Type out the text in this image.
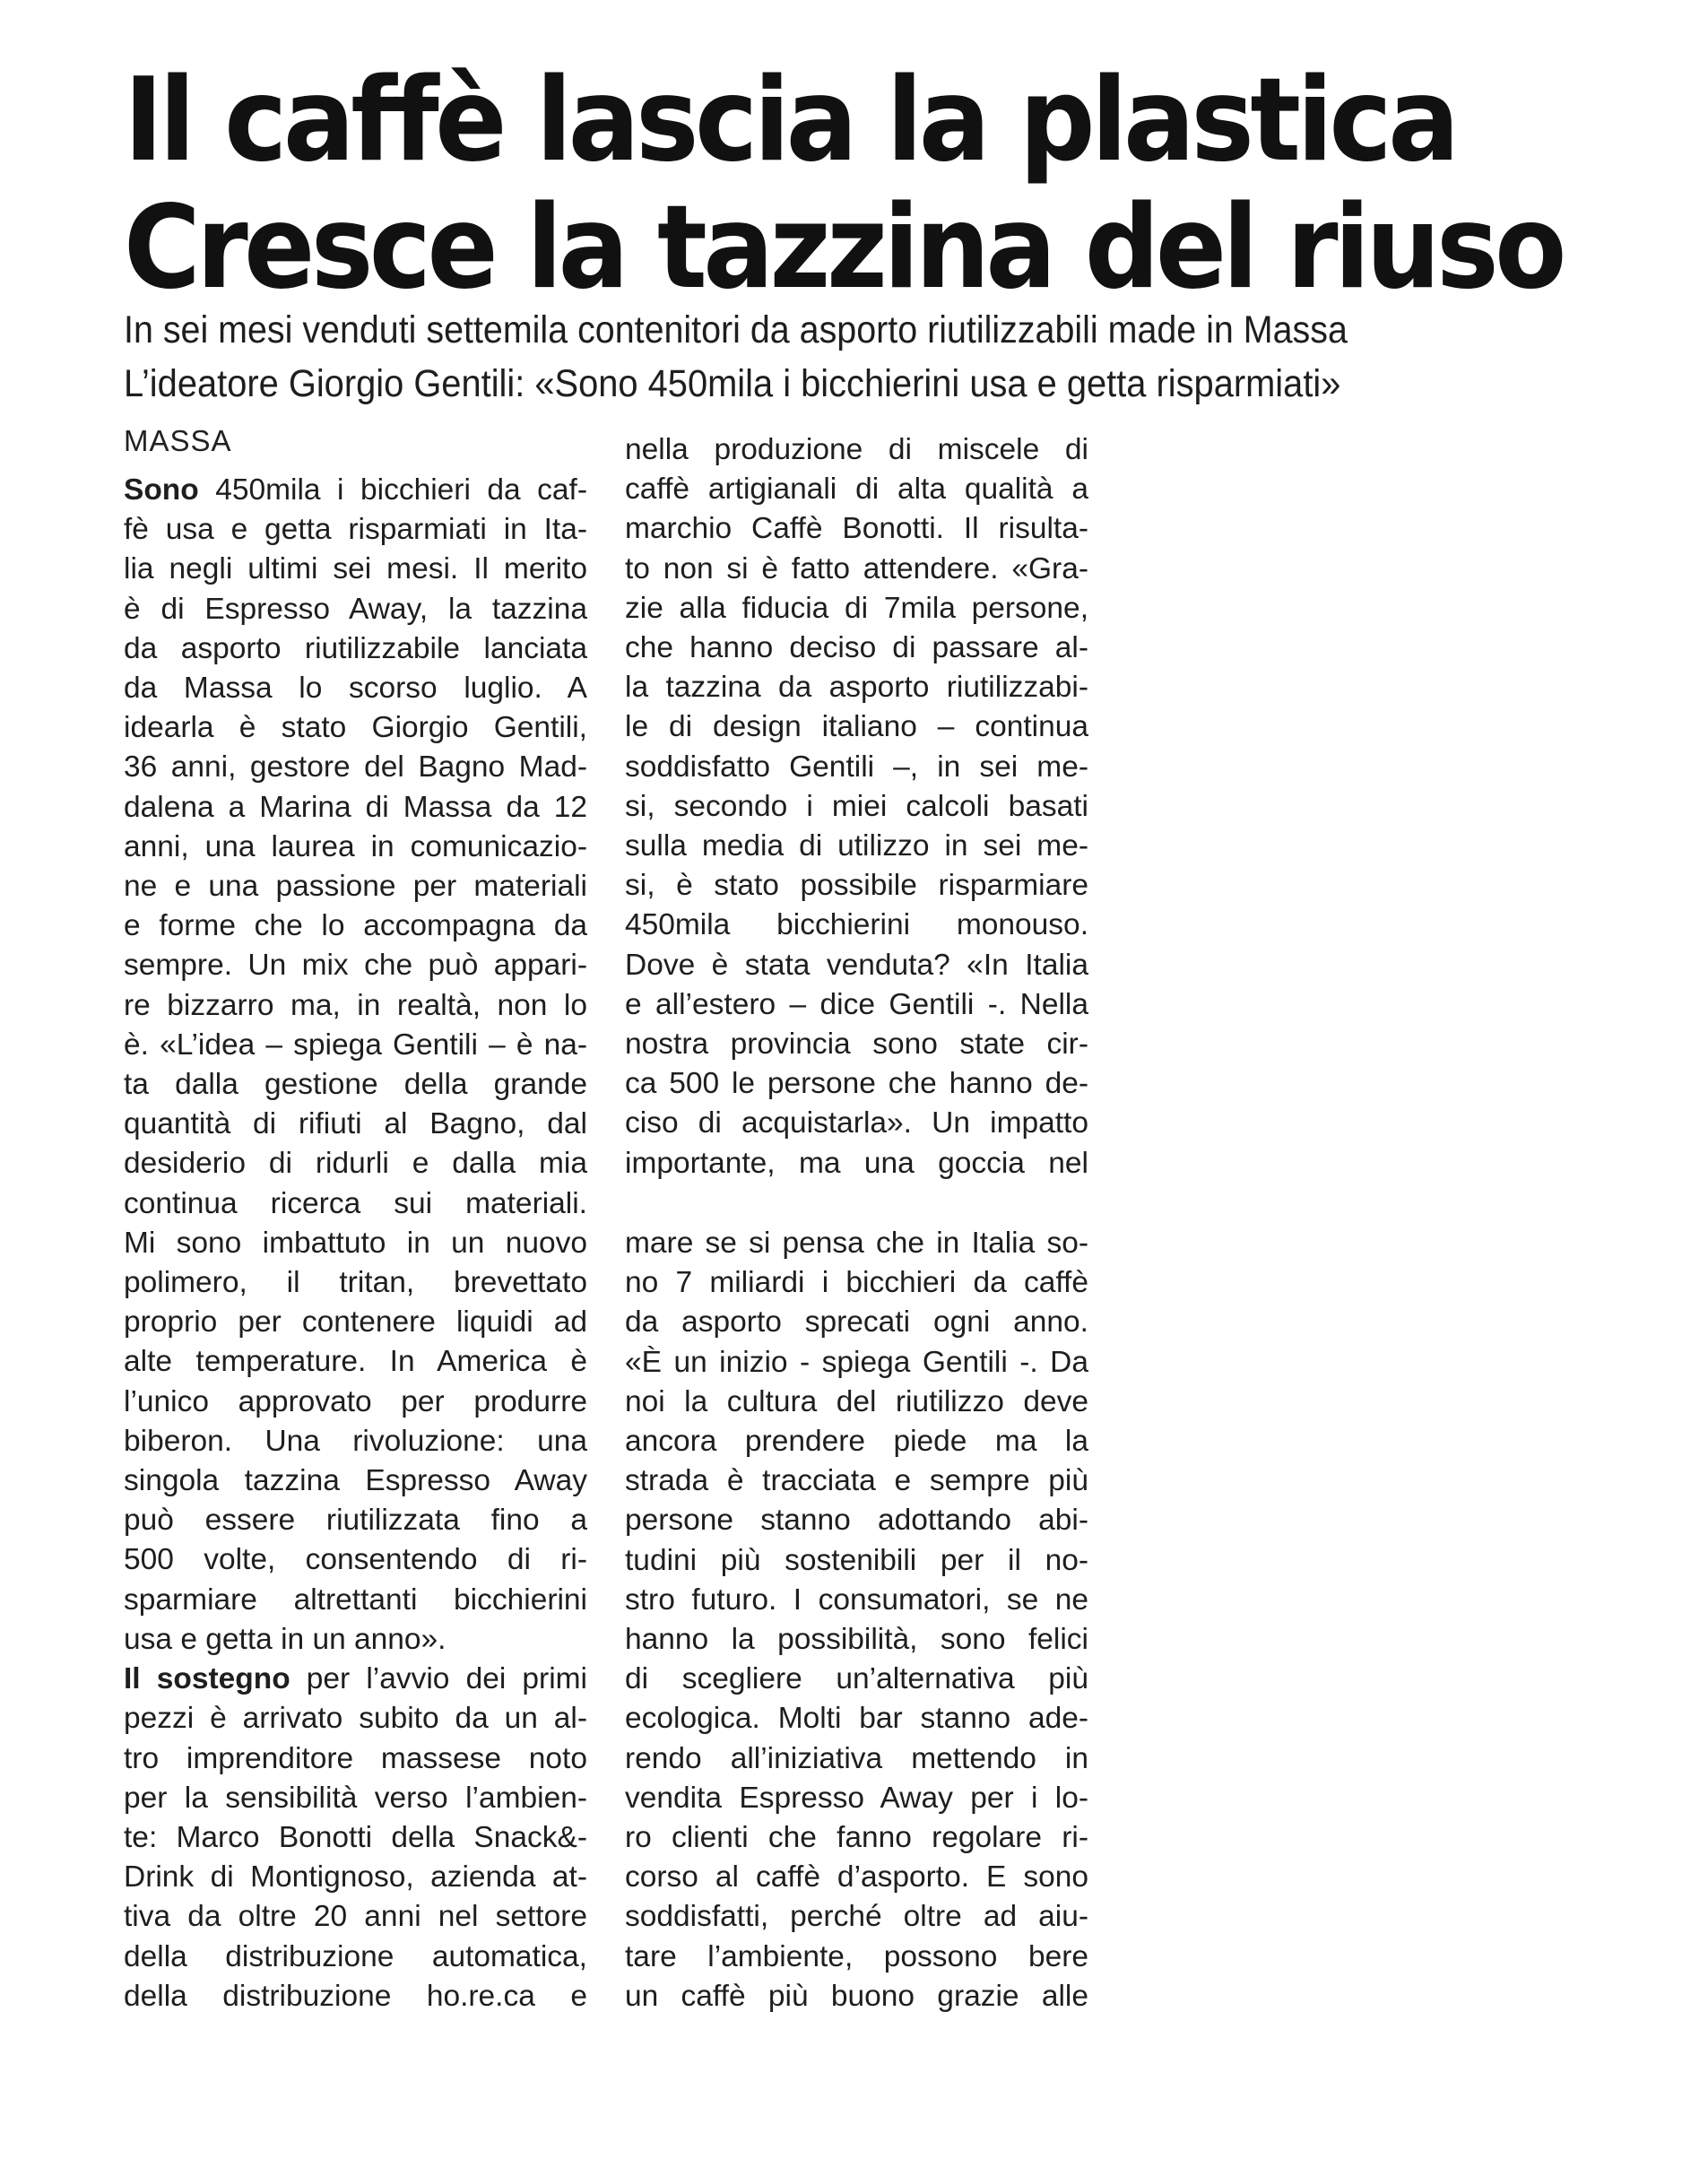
Il caffè lascia la plastica
Cresce la tazzina del riuso

In sei mesi venduti settemila contenitori da asporto riutilizzabili made in Massa

L’ideatore Giorgio Gentili: «Sono 450mila i bicchierini usa e getta risparmiati»

MASSA
Sono 450mila i bicchieri da caf-
fè usa e getta risparmiati in Ita-
lia negli ultimi sei mesi. Il merito
è di Espresso Away, la tazzina
da asporto riutilizzabile lanciata
da Massa lo scorso luglio. A
idearla è stato Giorgio Gentili,
36 anni, gestore del Bagno Mad-
dalena a Marina di Massa da 12
anni, una laurea in comunicazio-
ne e una passione per materiali
e forme che lo accompagna da
sempre. Un mix che può appari-
re bizzarro ma, in realtà, non lo
è. «L’idea – spiega Gentili – è na-
ta dalla gestione della grande
quantità di rifiuti al Bagno, dal
desiderio di ridurli e dalla mia
continua ricerca sui materiali.
Mi sono imbattuto in un nuovo
polimero, il tritan, brevettato
proprio per contenere liquidi ad
alte temperature. In America è
l’unico approvato per produrre
biberon. Una rivoluzione: una
singola tazzina Espresso Away
può essere riutilizzata fino a
500 volte, consentendo di ri-
sparmiare altrettanti bicchierini
usa e getta in un anno».
Il sostegno per l’avvio dei primi
pezzi è arrivato subito da un al-
tro imprenditore massese noto
per la sensibilità verso l’ambien-
te: Marco Bonotti della Snack&-
Drink di Montignoso, azienda at-
tiva da oltre 20 anni nel settore
della distribuzione automatica,
della distribuzione ho.re.ca e
nella produzione di miscele di
caffè artigianali di alta qualità a
marchio Caffè Bonotti. Il risulta-
to non si è fatto attendere. «Gra-
zie alla fiducia di 7mila persone,
che hanno deciso di passare al-
la tazzina da asporto riutilizzabi-
le di design italiano – continua
soddisfatto Gentili –, in sei me-
si, secondo i miei calcoli basati
sulla media di utilizzo in sei me-
si, è stato possibile risparmiare
450mila bicchierini monouso.
Dove è stata venduta? «In Italia
e all’estero – dice Gentili -. Nella
nostra provincia sono state cir-
ca 500 le persone che hanno de-
ciso di acquistarla». Un impatto
importante, ma una goccia nel
mare se si pensa che in Italia so-
no 7 miliardi i bicchieri da caffè
da asporto sprecati ogni anno.
«È un inizio - spiega Gentili -. Da
noi la cultura del riutilizzo deve
ancora prendere piede ma la
strada è tracciata e sempre più
persone stanno adottando abi-
tudini più sostenibili per il no-
stro futuro. I consumatori, se ne
hanno la possibilità, sono felici
di scegliere un’alternativa più
ecologica. Molti bar stanno ade-
rendo all’iniziativa mettendo in
vendita Espresso Away per i lo-
ro clienti che fanno regolare ri-
corso al caffè d’asporto. E sono
soddisfatti, perché oltre ad aiu-
tare l’ambiente, possono bere
un caffè più buono grazie alle
